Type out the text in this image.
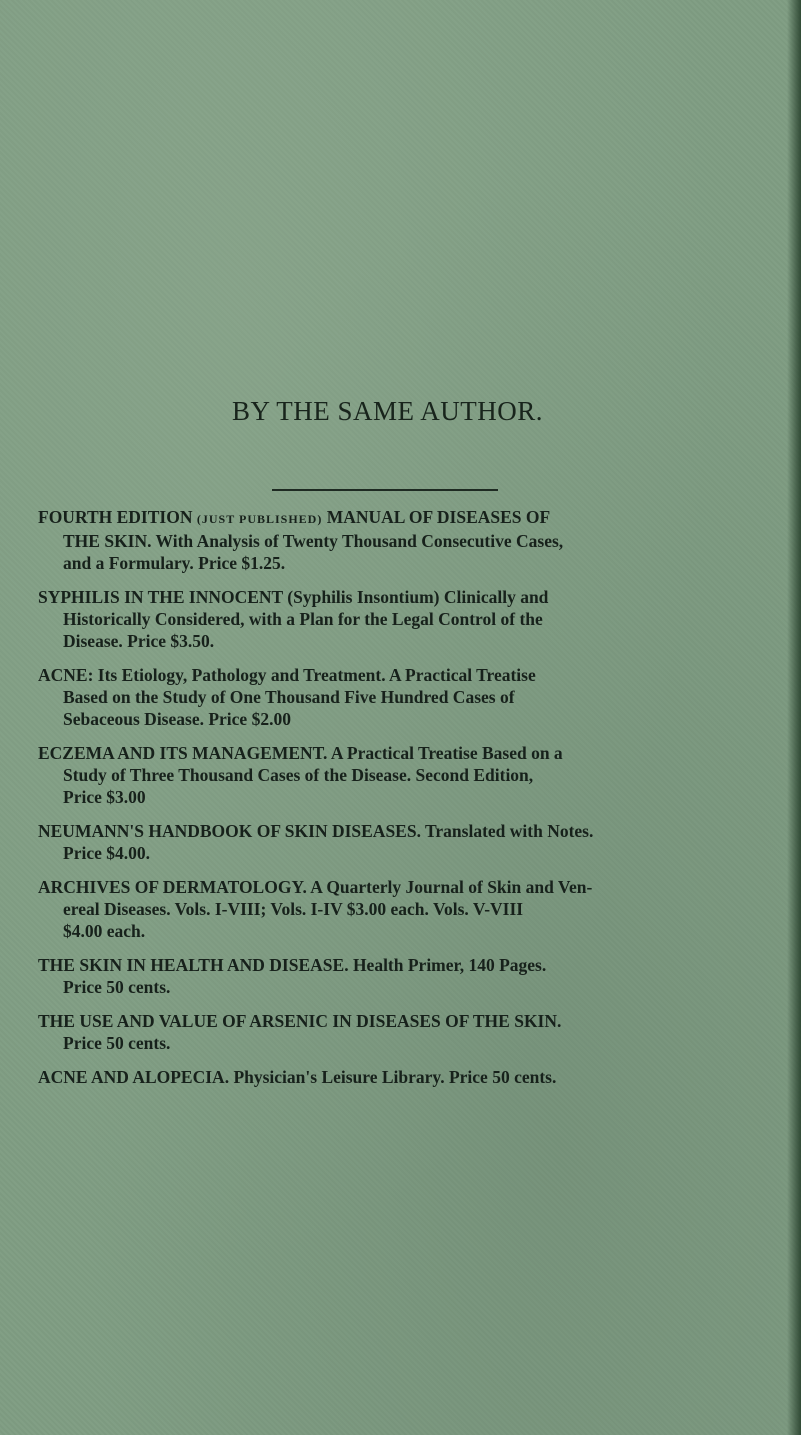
BY THE SAME AUTHOR.
FOURTH EDITION (JUST PUBLISHED) MANUAL OF DISEASES OF
THE SKIN. With Analysis of Twenty Thousand Consecutive Cases,
and a Formulary. Price $1.25.
SYPHILIS IN THE INNOCENT (Syphilis Insontium) Clinically and
Historically Considered, with a Plan for the Legal Control of the
Disease. Price $3.50.
ACNE: Its Etiology, Pathology and Treatment. A Practical Treatise
Based on the Study of One Thousand Five Hundred Cases of
Sebaceous Disease. Price $2.00
ECZEMA AND ITS MANAGEMENT. A Practical Treatise Based on a
Study of Three Thousand Cases of the Disease. Second Edition,
Price $3.00
NEUMANN'S HANDBOOK OF SKIN DISEASES. Translated with Notes.
Price $4.00.
ARCHIVES OF DERMATOLOGY. A Quarterly Journal of Skin and Ven-
ereal Diseases. Vols. I-VIII; Vols. I-IV $3.00 each. Vols. V-VIII
$4.00 each.
THE SKIN IN HEALTH AND DISEASE. Health Primer, 140 Pages.
Price 50 cents.
THE USE AND VALUE OF ARSENIC IN DISEASES OF THE SKIN.
Price 50 cents.
ACNE AND ALOPECIA. Physician's Leisure Library. Price 50 cents.
